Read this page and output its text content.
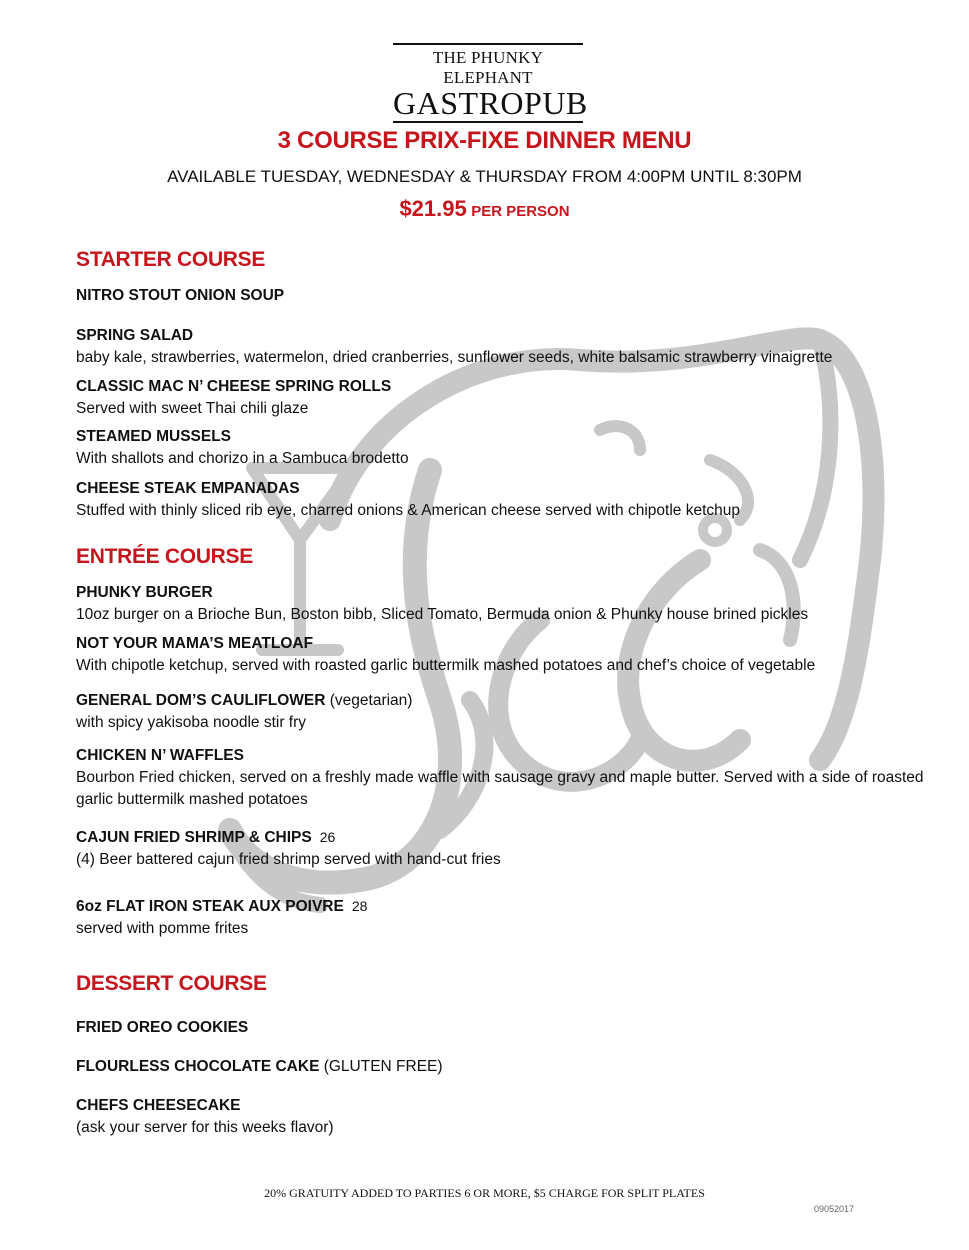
THE PHUNKY ELEPHANT
GASTROPUB
3 COURSE PRIX-FIXE DINNER MENU
AVAILABLE TUESDAY, WEDNESDAY & THURSDAY FROM 4:00PM UNTIL 8:30PM
$21.95 PER PERSON
STARTER COURSE
NITRO STOUT ONION SOUP
SPRING SALAD
baby kale, strawberries, watermelon, dried cranberries, sunflower seeds, white balsamic strawberry vinaigrette
CLASSIC MAC N’ CHEESE SPRING ROLLS
Served with sweet Thai chili glaze
STEAMED MUSSELS
With shallots and chorizo in a Sambuca brodetto
CHEESE STEAK EMPANADAS
Stuffed with thinly sliced rib eye, charred onions & American cheese served with chipotle ketchup
ENTRÉE COURSE
PHUNKY BURGER
10oz burger on a Brioche Bun, Boston bibb, Sliced Tomato, Bermuda onion & Phunky house brined pickles
NOT YOUR MAMA’S MEATLOAF
With chipotle ketchup, served with roasted garlic buttermilk mashed potatoes and chef’s choice of vegetable
GENERAL DOM’S CAULIFLOWER (vegetarian)
with spicy yakisoba noodle stir fry
CHICKEN N’ WAFFLES
Bourbon Fried chicken, served on a freshly made waffle with sausage gravy and maple butter. Served with a side of roasted garlic buttermilk mashed potatoes
CAJUN FRIED SHRIMP & CHIPS 26
(4) Beer battered cajun fried shrimp served with hand-cut fries
6oz FLAT IRON STEAK AUX POIVRE 28
served with pomme frites
DESSERT COURSE
FRIED OREO COOKIES
FLOURLESS CHOCOLATE CAKE (GLUTEN FREE)
CHEFS CHEESECAKE
(ask your server for this weeks flavor)
20% GRATUITY ADDED TO PARTIES 6 OR MORE, $5 CHARGE FOR SPLIT PLATES
09052017
